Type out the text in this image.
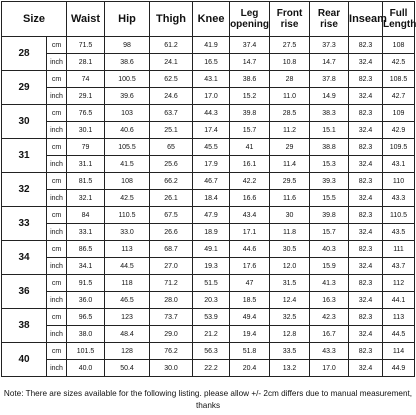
Size		Waist	Hip	Thigh	Knee	Leg opening	Front rise	Rear rise	Inseam	Full Length
28	cm	71.5	98	61.2	41.9	37.4	27.5	37.3	82.3	108
	inch	28.1	38.6	24.1	16.5	14.7	10.8	14.7	32.4	42.5
29	cm	74	100.5	62.5	43.1	38.6	28	37.8	82.3	108.5
	inch	29.1	39.6	24.6	17.0	15.2	11.0	14.9	32.4	42.7
30	cm	76.5	103	63.7	44.3	39.8	28.5	38.3	82.3	109
	inch	30.1	40.6	25.1	17.4	15.7	11.2	15.1	32.4	42.9
31	cm	79	105.5	65	45.5	41	29	38.8	82.3	109.5
	inch	31.1	41.5	25.6	17.9	16.1	11.4	15.3	32.4	43.1
32	cm	81.5	108	66.2	46.7	42.2	29.5	39.3	82.3	110
	inch	32.1	42.5	26.1	18.4	16.6	11.6	15.5	32.4	43.3
33	cm	84	110.5	67.5	47.9	43.4	30	39.8	82.3	110.5
	inch	33.1	33.0	26.6	18.9	17.1	11.8	15.7	32.4	43.5
34	cm	86.5	113	68.7	49.1	44.6	30.5	40.3	82.3	111
	inch	34.1	44.5	27.0	19.3	17.6	12.0	15.9	32.4	43.7
36	cm	91.5	118	71.2	51.5	47	31.5	41.3	82.3	112
	inch	36.0	46.5	28.0	20.3	18.5	12.4	16.3	32.4	44.1
38	cm	96.5	123	73.7	53.9	49.4	32.5	42.3	82.3	113
	inch	38.0	48.4	29.0	21.2	19.4	12.8	16.7	32.4	44.5
40	cm	101.5	128	76.2	56.3	51.8	33.5	43.3	82.3	114
	inch	40.0	50.4	30.0	22.2	20.4	13.2	17.0	32.4	44.9
Note: There are sizes available for the following listing. please allow +/- 2cm differs due to manual measurement, thanks
